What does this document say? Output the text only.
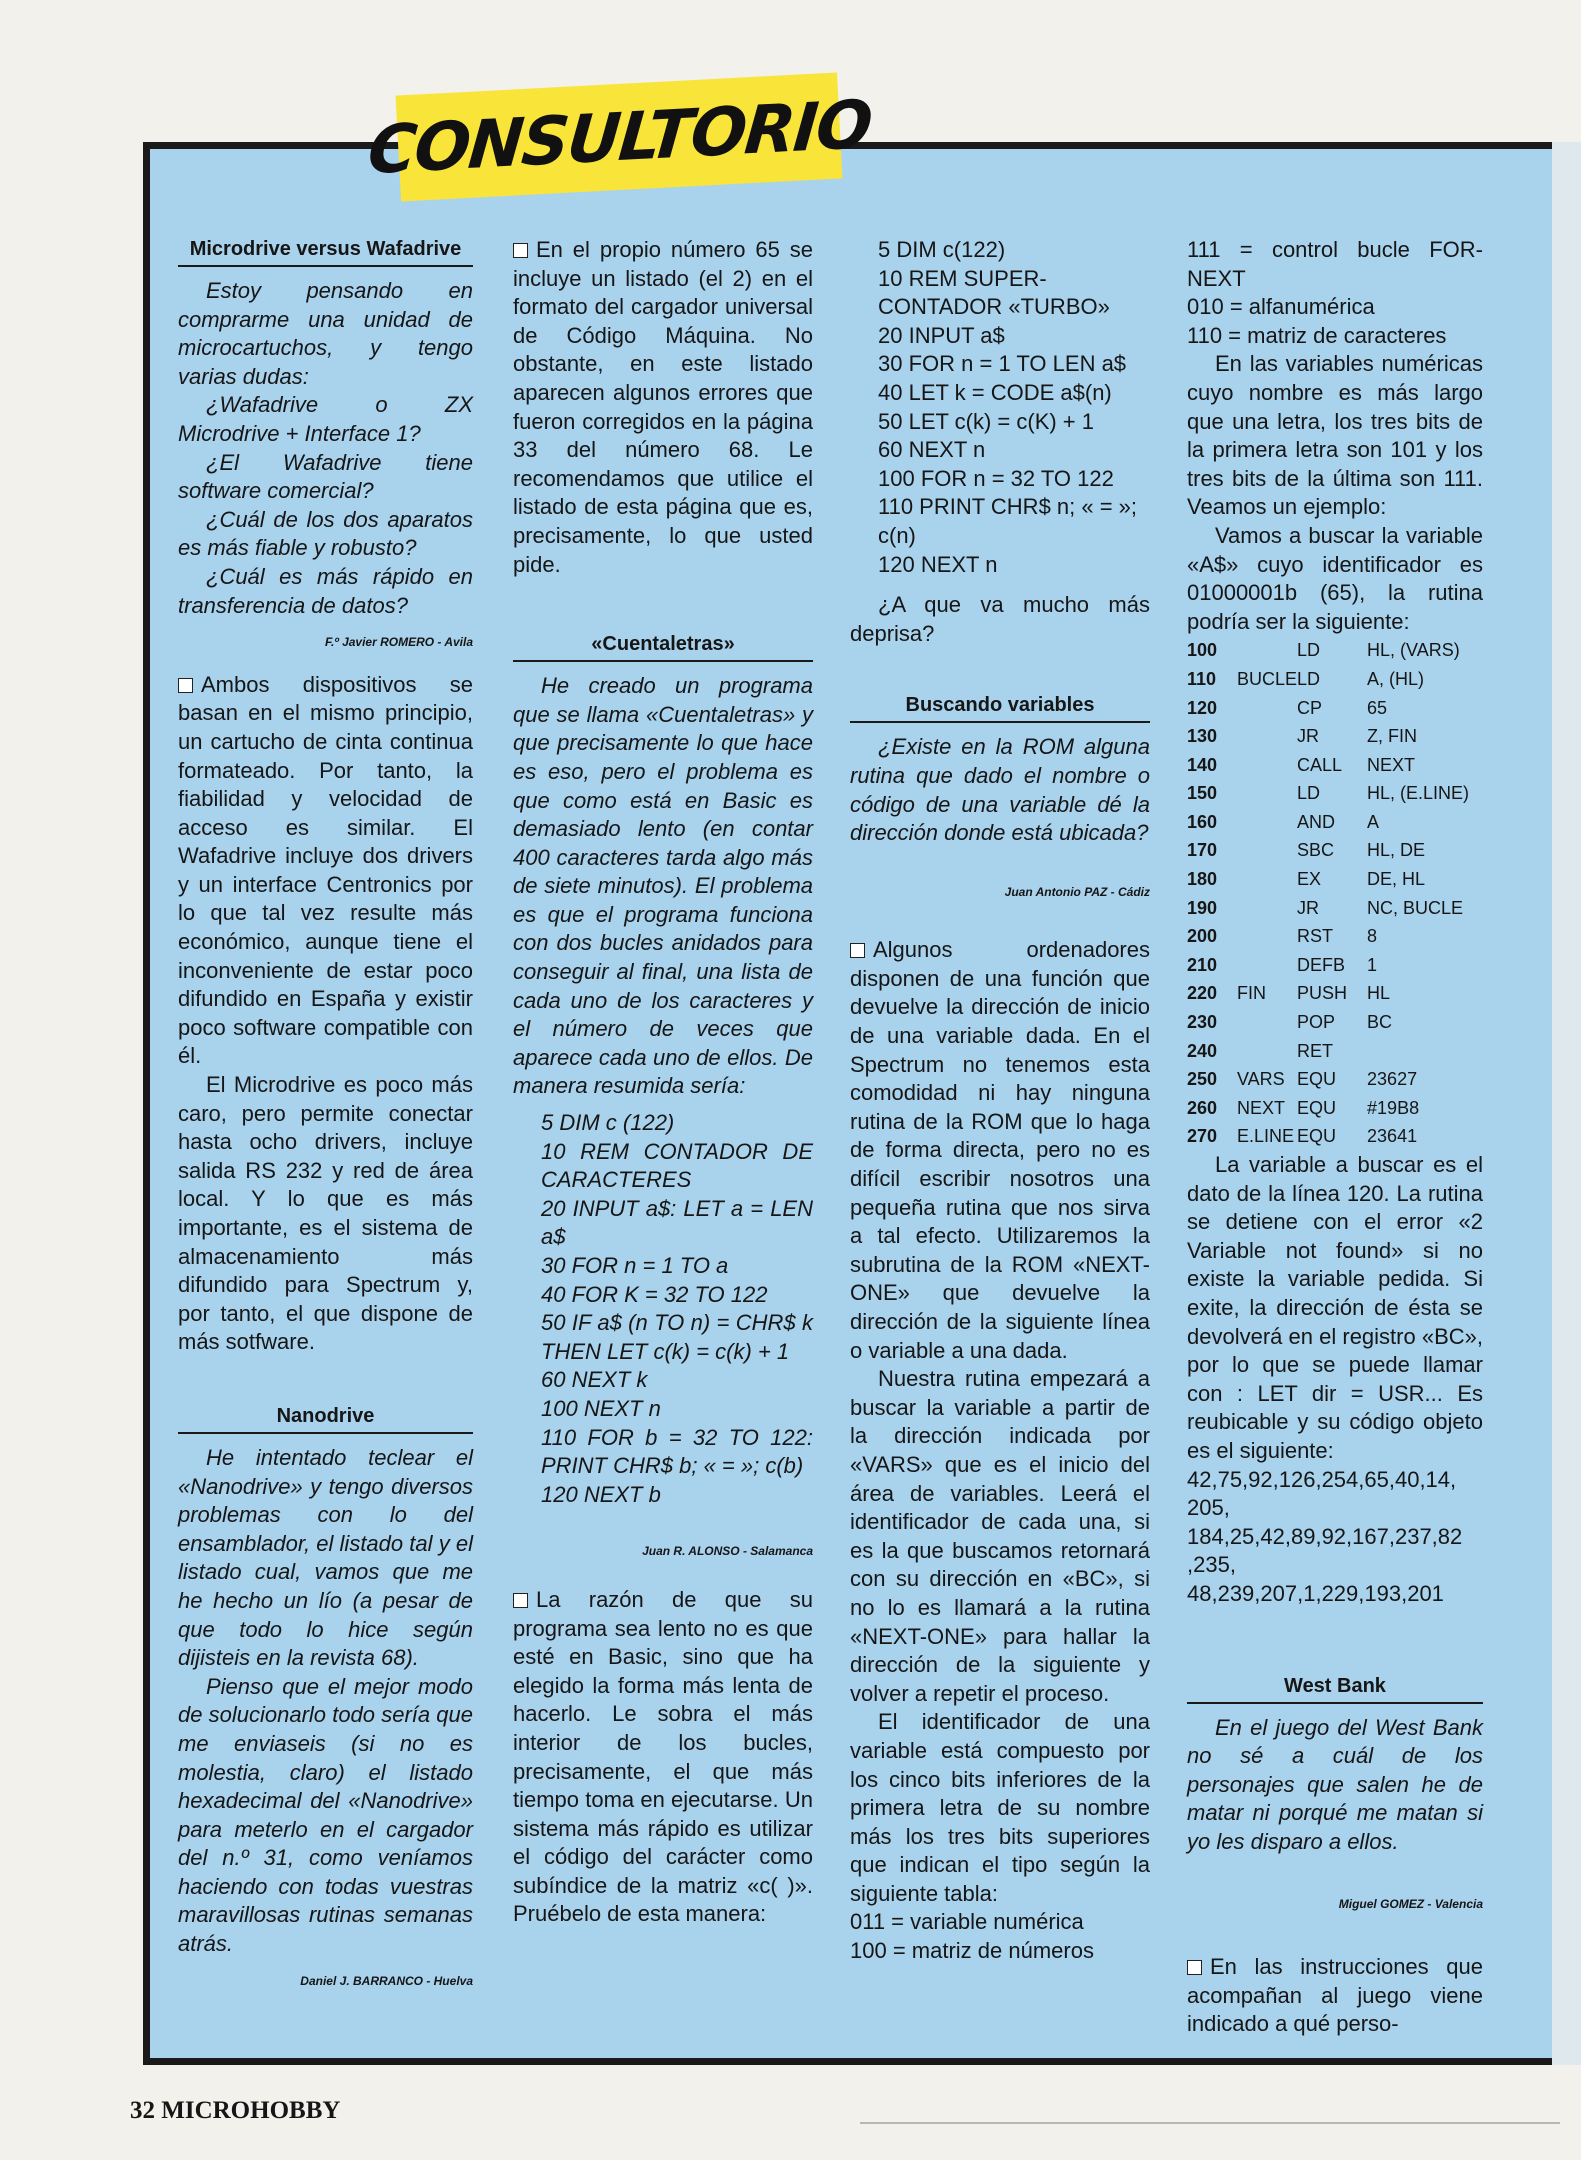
CONSULTORIO
Microdrive versus Wafadrive

Estoy pensando en comprarme una unidad de microcartuchos, y tengo varias dudas:

¿Wafadrive o ZX Microdrive + Interface 1?

¿El Wafadrive tiene software comercial?

¿Cuál de los dos aparatos es más fiable y robusto?

¿Cuál es más rápido en transferencia de datos?

F.º Javier ROMERO - Avila

Ambos dispositivos se basan en el mismo principio, un cartucho de cinta continua formateado. Por tanto, la fiabilidad y velocidad de acceso es similar. El Wafadrive incluye dos drivers y un interface Centronics por lo que tal vez resulte más económico, aunque tiene el inconveniente de estar poco difundido en España y existir poco software compatible con él.

El Microdrive es poco más caro, pero permite conectar hasta ocho drivers, incluye salida RS 232 y red de área local. Y lo que es más importante, es el sistema de almacenamiento más difundido para Spectrum y, por tanto, el que dispone de más sotfware.

Nanodrive

He intentado teclear el «Nanodrive» y tengo diversos problemas con lo del ensamblador, el listado tal y el listado cual, vamos que me he hecho un lío (a pesar de que todo lo hice según dijisteis en la revista 68).

Pienso que el mejor modo de solucionarlo todo sería que me enviaseis (si no es molestia, claro) el listado hexadecimal del «Nanodrive» para meterlo en el cargador del n.º 31, como veníamos haciendo con todas vuestras maravillosas rutinas semanas atrás.

Daniel J. BARRANCO - Huelva

En el propio número 65 se incluye un listado (el 2) en el formato del cargador universal de Código Máquina. No obstante, en este listado aparecen algunos errores que fueron corregidos en la página 33 del número 68. Le recomendamos que utilice el listado de esta página que es, precisamente, lo que usted pide.

«Cuentaletras»

He creado un programa que se llama «Cuentaletras» y que precisamente lo que hace es eso, pero el problema es que como está en Basic es demasiado lento (en contar 400 caracteres tarda algo más de siete minutos). El problema es que el programa funciona con dos bucles anidados para conseguir al final, una lista de cada uno de los caracteres y el número de veces que aparece cada uno de ellos. De manera resumida sería:

5 DIM c (122)

10 REM CONTADOR DE CARACTERES

20 INPUT a$: LET a = LEN a$

30 FOR n = 1 TO a

40 FOR K = 32 TO 122

50 IF a$ (n TO n) = CHR$ k THEN LET c(k) = c(k) + 1

60 NEXT k

100 NEXT n

110 FOR b = 32 TO 122: PRINT CHR$ b; « = »; c(b)

120 NEXT b

Juan R. ALONSO - Salamanca

La razón de que su programa sea lento no es que esté en Basic, sino que ha elegido la forma más lenta de hacerlo. Le sobra el más interior de los bucles, precisamente, el que más tiempo toma en ejecutarse. Un sistema más rápido es utilizar el código del carácter como subíndice de la matriz «c( )». Pruébelo de esta manera:

5 DIM c(122)

10 REM SUPER-CONTADOR «TURBO»

20 INPUT a$

30 FOR n = 1 TO LEN a$

40 LET k = CODE a$(n)

50 LET c(k) = c(K) + 1

60 NEXT n

100 FOR n = 32 TO 122

110 PRINT CHR$ n; « = »; c(n)

120 NEXT n

¿A que va mucho más deprisa?

Buscando variables

¿Existe en la ROM alguna rutina que dado el nombre o código de una variable dé la dirección donde está ubicada?

Juan Antonio PAZ - Cádiz

Algunos ordenadores disponen de una función que devuelve la dirección de inicio de una variable dada. En el Spectrum no tenemos esta comodidad ni hay ninguna rutina de la ROM que lo haga de forma directa, pero no es difícil escribir nosotros una pequeña rutina que nos sirva a tal efecto. Utilizaremos la subrutina de la ROM «NEXT-ONE» que devuelve la dirección de la siguiente línea o variable a una dada.

Nuestra rutina empezará a buscar la variable a partir de la dirección indicada por «VARS» que es el inicio del área de variables. Leerá el identificador de cada una, si es la que buscamos retornará con su dirección en «BC», si no lo es llamará a la rutina «NEXT-ONE» para hallar la dirección de la siguiente y volver a repetir el proceso.

El identificador de una variable está compuesto por los cinco bits inferiores de la primera letra de su nombre más los tres bits superiores que indican el tipo según la siguiente tabla:

011 = variable numérica

100 = matriz de números

111 = control bucle FOR-NEXT

010 = alfanumérica

110 = matriz de caracteres

En las variables numéricas cuyo nombre es más largo que una letra, los tres bits de la primera letra son 101 y los tres bits de la última son 111. Veamos un ejemplo:

Vamos a buscar la variable «A$» cuyo identificador es 01000001b (65), la rutina podría ser la siguiente:

100		LD	HL, (VARS)
110	BUCLE	LD	A, (HL)
120		CP	65
130		JR	Z, FIN
140		CALL	NEXT
150		LD	HL, (E.LINE)
160		AND	A
170		SBC	HL, DE
180		EX	DE, HL
190		JR	NC, BUCLE
200		RST	8
210		DEFB	1
220	FIN	PUSH	HL
230		POP	BC
240		RET	
250	VARS	EQU	23627
260	NEXT	EQU	#19B8
270	E.LINE	EQU	23641

La variable a buscar es el dato de la línea 120. La rutina se detiene con el error «2 Variable not found» si no existe la variable pedida. Si exite, la dirección de ésta se devolverá en el registro «BC», por lo que se puede llamar con : LET dir = USR... Es reubicable y su código objeto es el siguiente:

42,75,92,126,254,65,40,14,

205,

184,25,42,89,92,167,237,82

,235,

48,239,207,1,229,193,201

West Bank

En el juego del West Bank no sé a cuál de los personajes que salen he de matar ni porqué me matan si yo les disparo a ellos.

Miguel GOMEZ - Valencia

En las instrucciones que acompañan al juego viene indicado a qué perso-

32 MICROHOBBY
